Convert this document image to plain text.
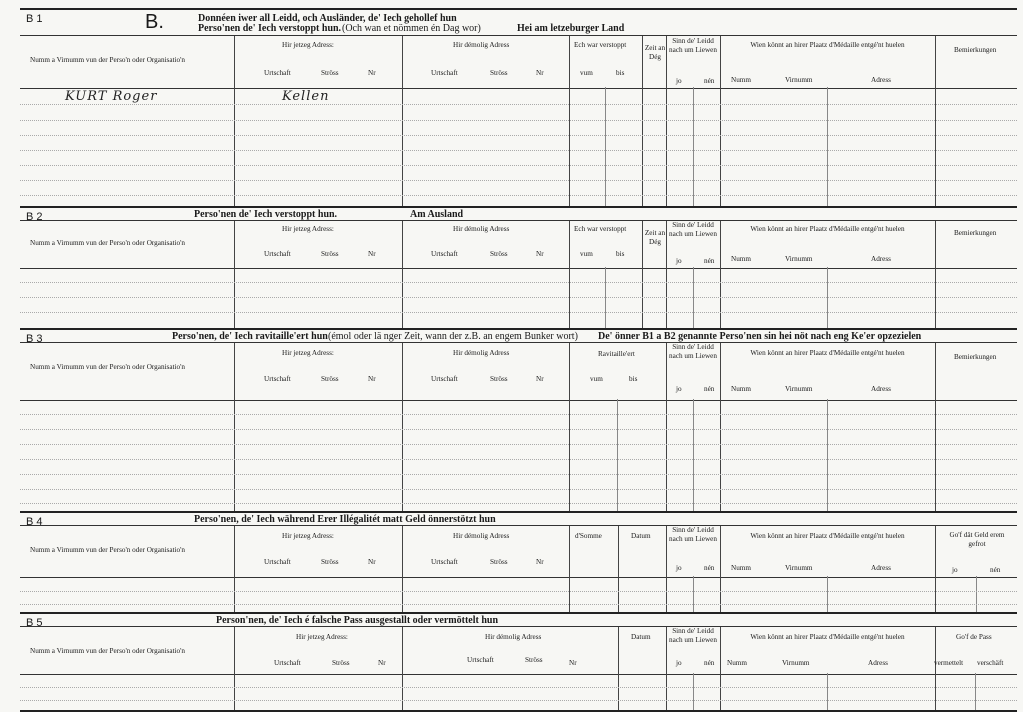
B 1	B.	Donnéen iwer all Leidd, och Ausländer, de' Iech gehollef hun
Perso'nen de' Iech verstoppt hun. (Och wan et nömmen én Dag wor)	Hei am letzeburger Land
Numm a Virnumm vun der Perso'n oder Organisatio'n
Hir jetzeg Adress:
Urtschaft	Ströss	Nr
Hir démolig Adress
Urtschaft	Ströss	Nr
Ech war verstoppt
vum	bis
Zeit an Dég
Sinn de' Leidd nach um Liewen
jo	nén
Wien könnt an hirer Plaatz d'Médaille entgé'nt huelen
Numm	Virnumm	Adress
Bemierkungen
KURT Roger	Kellen
B 2	Perso'nen de' Iech verstoppt hun.	Am Ausland
Numm a Virnumm vun der Perso'n oder Organisatio'n
Hir jetzeg Adress:
Urtschaft	Ströss	Nr
Hir démolig Adress
Urtschaft	Ströss	Nr
Ech war verstoppt
vum	bis
Zeit an Dég
Sinn de' Leidd nach um Liewen
jo	nén
Wien könnt an hirer Plaatz d'Médaille entgé'nt huelen
Numm	Virnumm	Adress
Bemierkungen
B 3	Perso'nen, de' Iech ravitaille'ert hun (émol oder lä nger Zeit, wann der z.B. an engem Bunker wort) De' önner B1 a B2 genannte Perso'nen sin hei nöt nach eng Ke'er opzezielen
Numm a Virnumm vun der Perso'n oder Organisatio'n
Hir jetzeg Adress:
Urtschaft	Ströss	Nr
Hir démolig Adress
Urtschaft	Ströss	Nr
Ravitaille'ert
vum	bis
Sinn de' Leidd nach um Liewen
jo	nén
Wien könnt an hirer Plaatz d'Médaille entgé'nt huelen
Numm	Virnumm	Adress
Bemierkungen
B 4	Perso'nen, de' Iech während Erer Illégalitét matt Geld önnerstötzt hun
Numm a Virnumm vun der Perso'n oder Organisatio'n
Hir jetzeg Adress:
Urtschaft	Ströss	Nr
Hir démolig Adress
Urtschaft	Ströss	Nr
d'Somme	Datum
Sinn de' Leidd nach um Liewen
jo	nén
Wien könnt an hirer Plaatz d'Médaille entgé'nt huelen
Numm	Virnumm	Adress
Go'f dät Geld erem gefrot
jo	nén
B 5	Person'nen, de' Iech é falsche Pass ausgestallt oder vermöttelt hun
Numm a Virnumm vun der Perso'n oder Organisatio'n
Hir jetzeg Adress:
Urtschaft	Ströss	Nr
Hir démolig Adress
Urtschaft	Ströss	Nr
Datum
Sinn de' Leidd nach um Liewen
jo	nén
Wien könnt an hirer Plaatz d'Médaille entgé'nt huelen
Numm	Virnumm	Adress
Go'f de Pass
vermettelt verschäft
